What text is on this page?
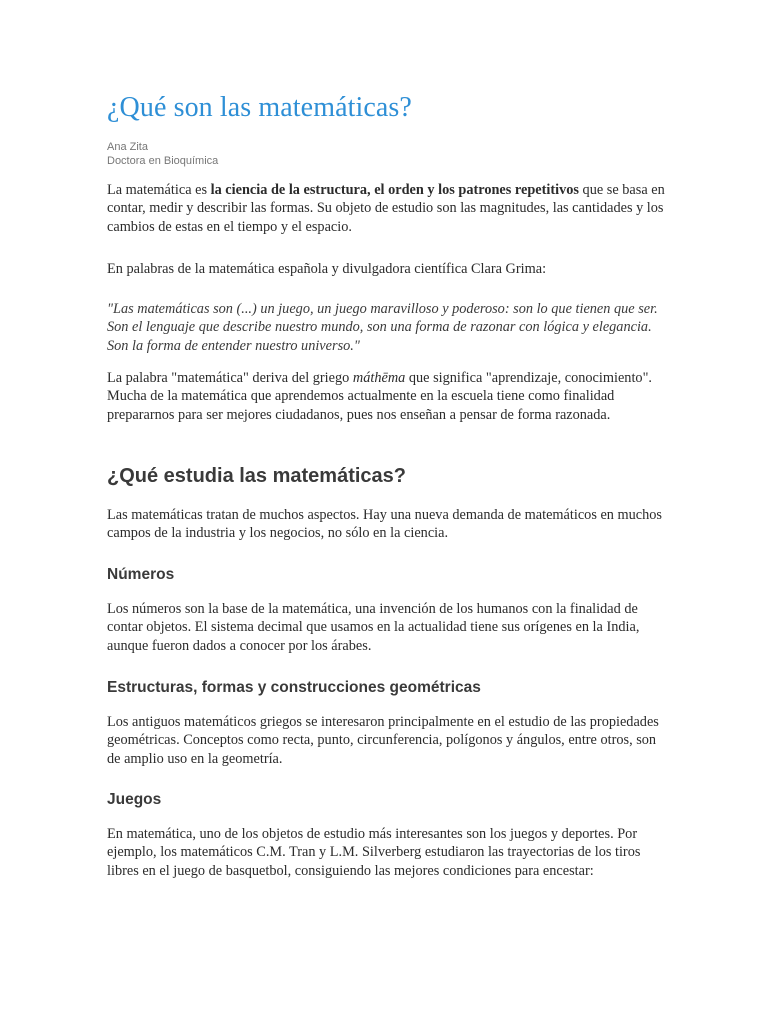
¿Qué son las matemáticas?
Ana Zita
Doctora en Bioquímica

La matemática es la ciencia de la estructura, el orden y los patrones repetitivos que se basa en contar, medir y describir las formas. Su objeto de estudio son las magnitudes, las cantidades y los cambios de estas en el tiempo y el espacio.

En palabras de la matemática española y divulgadora científica Clara Grima:

"Las matemáticas son (...) un juego, un juego maravilloso y poderoso: son lo que tienen que ser. Son el lenguaje que describe nuestro mundo, son una forma de razonar con lógica y elegancia. Son la forma de entender nuestro universo."

La palabra "matemática" deriva del griego máthēma que significa "aprendizaje, conocimiento". Mucha de la matemática que aprendemos actualmente en la escuela tiene como finalidad prepararnos para ser mejores ciudadanos, pues nos enseñan a pensar de forma razonada.

¿Qué estudia las matemáticas?

Las matemáticas tratan de muchos aspectos. Hay una nueva demanda de matemáticos en muchos campos de la industria y los negocios, no sólo en la ciencia.

Números

Los números son la base de la matemática, una invención de los humanos con la finalidad de contar objetos. El sistema decimal que usamos en la actualidad tiene sus orígenes en la India, aunque fueron dados a conocer por los árabes.

Estructuras, formas y construcciones geométricas

Los antiguos matemáticos griegos se interesaron principalmente en el estudio de las propiedades geométricas. Conceptos como recta, punto, circunferencia, polígonos y ángulos, entre otros, son de amplio uso en la geometría.

Juegos

En matemática, uno de los objetos de estudio más interesantes son los juegos y deportes. Por ejemplo, los matemáticos C.M. Tran y L.M. Silverberg estudiaron las trayectorias de los tiros libres en el juego de basquetbol, consiguiendo las mejores condiciones para encestar:
